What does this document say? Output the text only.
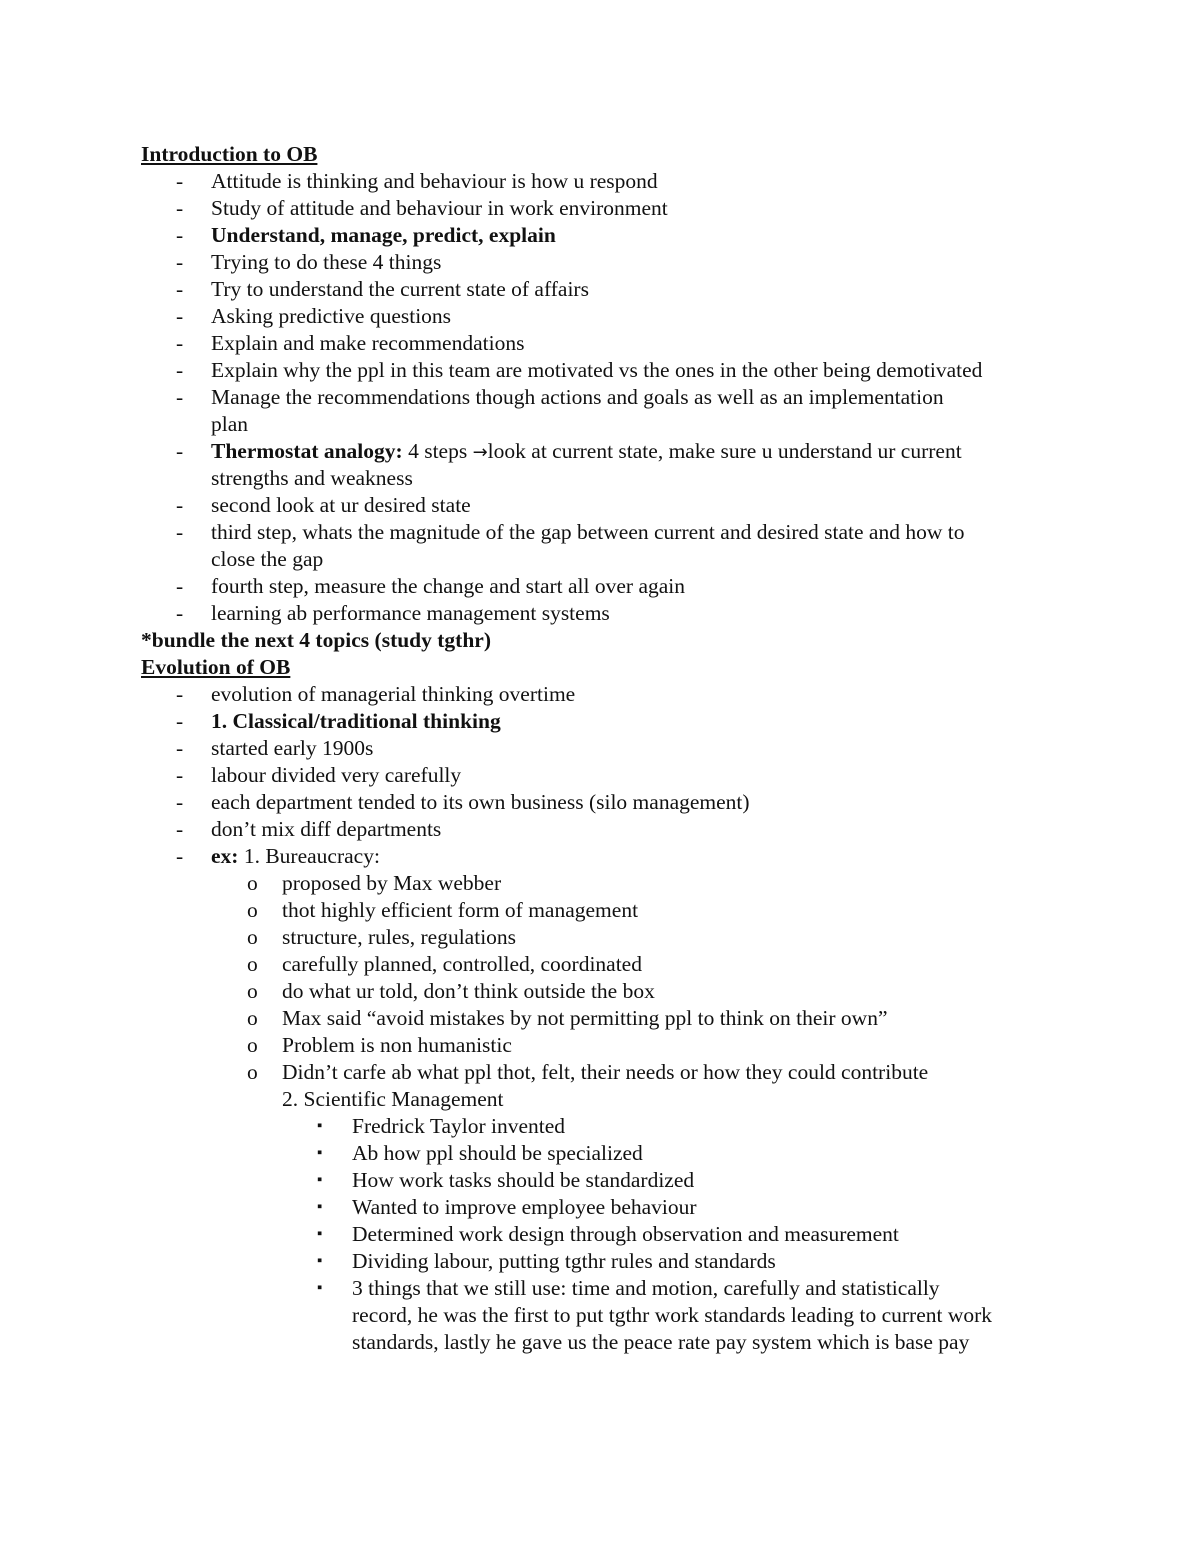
Introduction to OB
- Attitude is thinking and behaviour is how u respond
- Study of attitude and behaviour in work environment
- Understand, manage, predict, explain
- Trying to do these 4 things
- Try to understand the current state of affairs
- Asking predictive questions
- Explain and make recommendations
- Explain why the ppl in this team are motivated vs the ones in the other being demotivated
- Manage the recommendations though actions and goals as well as an implementation
plan
- Thermostat analogy: 4 steps →look at current state, make sure u understand ur current
strengths and weakness
- second look at ur desired state
- third step, whats the magnitude of the gap between current and desired state and how to
close the gap
- fourth step, measure the change and start all over again
- learning ab performance management systems
*bundle the next 4 topics (study tgthr)
Evolution of OB
- evolution of managerial thinking overtime
- 1. Classical/traditional thinking
- started early 1900s
- labour divided very carefully
- each department tended to its own business (silo management)
- don’t mix diff departments
- ex: 1. Bureaucracy:
o proposed by Max webber
o thot highly efficient form of management
o structure, rules, regulations
o carefully planned, controlled, coordinated
o do what ur told, don’t think outside the box
o Max said “avoid mistakes by not permitting ppl to think on their own”
o Problem is non humanistic
o Didn’t carfe ab what ppl thot, felt, their needs or how they could contribute
2. Scientific Management
▪ Fredrick Taylor invented
▪ Ab how ppl should be specialized
▪ How work tasks should be standardized
▪ Wanted to improve employee behaviour
▪ Determined work design through observation and measurement
▪ Dividing labour, putting tgthr rules and standards
▪ 3 things that we still use: time and motion, carefully and statistically
record, he was the first to put tgthr work standards leading to current work
standards, lastly he gave us the peace rate pay system which is base pay
